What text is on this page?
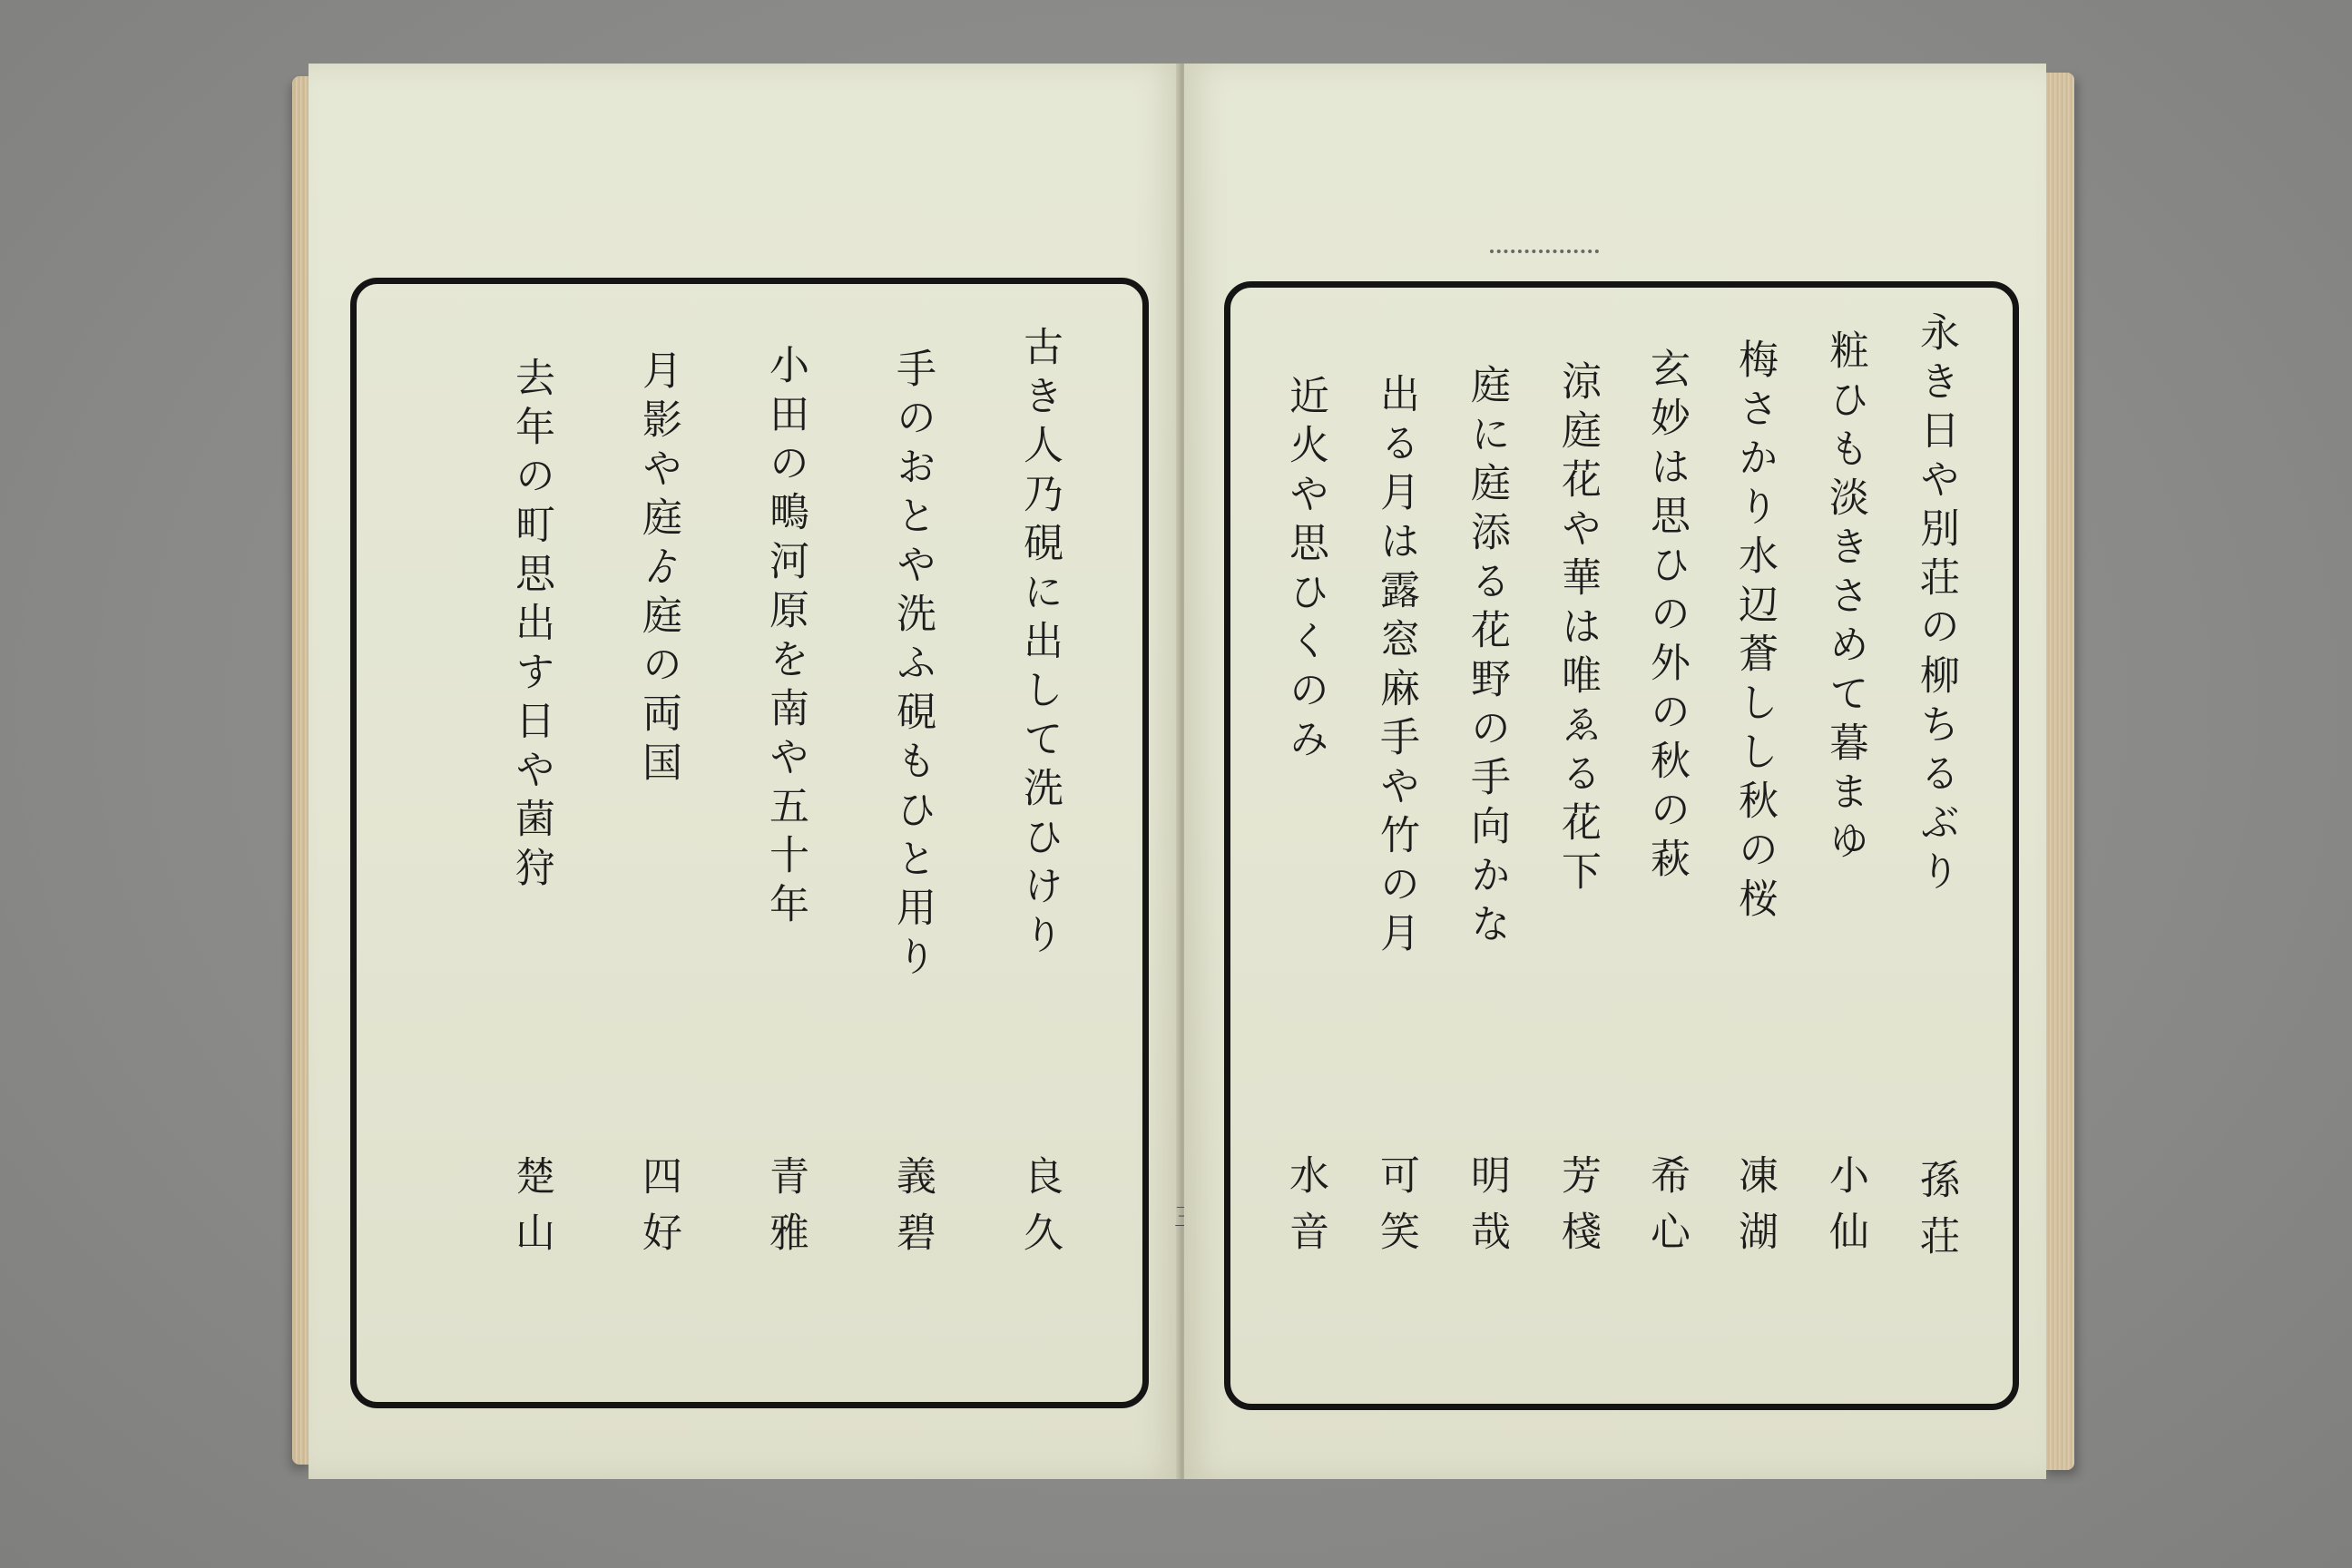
古き人乃硯に出して洗ひけり
良久
手のおとや洗ふ硯もひと用り
義碧
小田の鴫河原を南や五十年
青雅
月影や庭ゟ庭の両国
四好
去年の町思出す日や菌狩
楚山
永き日や別荘の柳ちるぶり
孫荘
粧ひも淡きさめて暮まゆ
小仙
梅さかり水辺蒼しし秋の桜
凍湖
玄妙は思ひの外の秋の萩
希心
涼庭花や華は唯ゑる花下
芳棧
庭に庭添る花野の手向かな
明哉
出る月は露窓麻手や竹の月
可笑
近火や思ひくのみ
水音
